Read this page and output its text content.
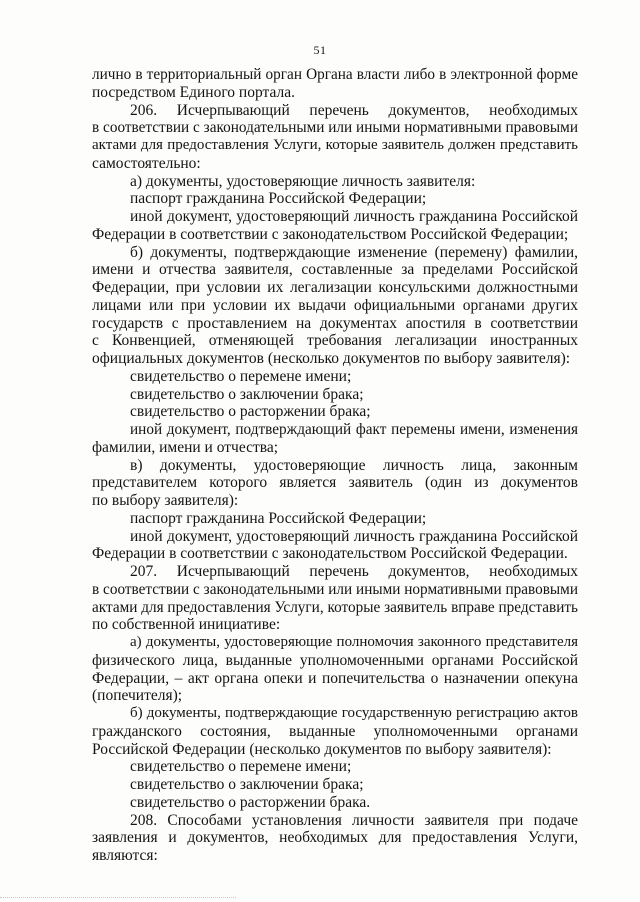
51
лично в территориальный орган Органа власти либо в электронной форме
посредством Единого портала.
206. Исчерпывающий перечень документов, необходимых
в соответствии с законодательными или иными нормативными правовыми
актами для предоставления Услуги, которые заявитель должен представить
самостоятельно:
а) документы, удостоверяющие личность заявителя:
паспорт гражданина Российской Федерации;
иной документ, удостоверяющий личность гражданина Российской
Федерации в соответствии с законодательством Российской Федерации;
б) документы, подтверждающие изменение (перемену) фамилии,
имени и отчества заявителя, составленные за пределами Российской
Федерации, при условии их легализации консульскими должностными
лицами или при условии их выдачи официальными органами других
государств с проставлением на документах апостиля в соответствии
с Конвенцией, отменяющей требования легализации иностранных
официальных документов (несколько документов по выбору заявителя):
свидетельство о перемене имени;
свидетельство о заключении брака;
свидетельство о расторжении брака;
иной документ, подтверждающий факт перемены имени, изменения
фамилии, имени и отчества;
в) документы, удостоверяющие личность лица, законным
представителем которого является заявитель (один из документов
по выбору заявителя):
паспорт гражданина Российской Федерации;
иной документ, удостоверяющий личность гражданина Российской
Федерации в соответствии с законодательством Российской Федерации.
207. Исчерпывающий перечень документов, необходимых
в соответствии с законодательными или иными нормативными правовыми
актами для предоставления Услуги, которые заявитель вправе представить
по собственной инициативе:
а) документы, удостоверяющие полномочия законного представителя
физического лица, выданные уполномоченными органами Российской
Федерации, – акт органа опеки и попечительства о назначении опекуна
(попечителя);
б) документы, подтверждающие государственную регистрацию актов
гражданского состояния, выданные уполномоченными органами
Российской Федерации (несколько документов по выбору заявителя):
свидетельство о перемене имени;
свидетельство о заключении брака;
свидетельство о расторжении брака.
208. Способами установления личности заявителя при подаче
заявления и документов, необходимых для предоставления Услуги,
являются:
